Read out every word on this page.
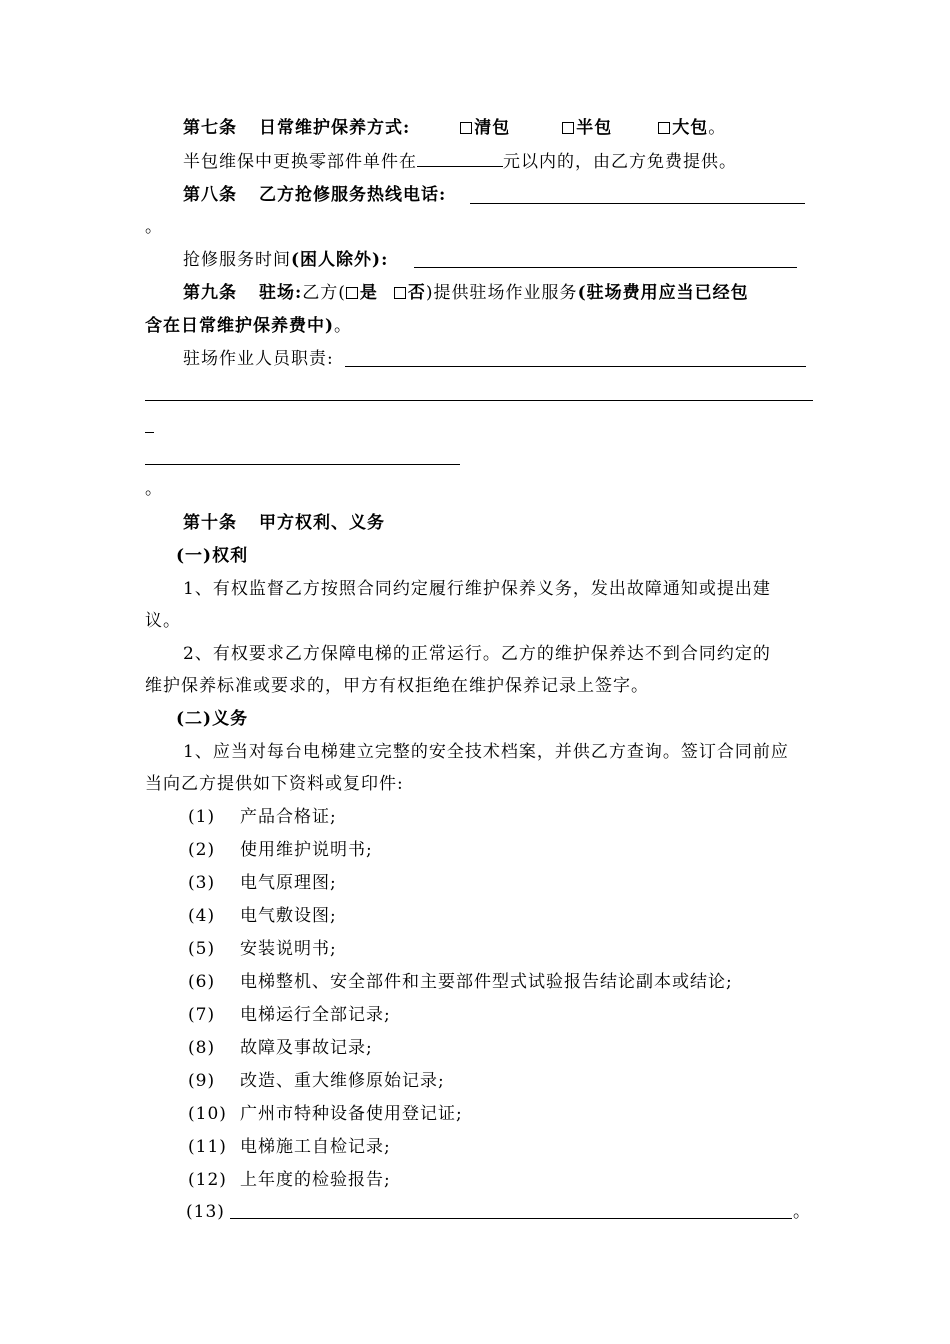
第七条 日常维护保养方式:	清包	半包	大包。
半包维保中更换零部件单件在	元以内的，由乙方免费提供。
第八条 乙方抢修服务热线电话:
。
抢修服务时间(困人除外):
第九条 驻场:乙方( 是 否)提供驻场作业服务(驻场费用应当已经包
含在日常维护保养费中)。
驻场作业人员职责:
。
第十条 甲方权利、义务
(一)权利
1、有权监督乙方按照合同约定履行维护保养义务，发出故障通知或提出建
议。
2、有权要求乙方保障电梯的正常运行。乙方的维护保养达不到合同约定的
维护保养标准或要求的，甲方有权拒绝在维护保养记录上签字。
(二)义务
1、应当对每台电梯建立完整的安全技术档案，并供乙方查询。签订合同前应
当向乙方提供如下资料或复印件:
(1) 产品合格证;
(2) 使用维护说明书;
(3) 电气原理图;
(4) 电气敷设图;
(5) 安装说明书;
(6) 电梯整机、安全部件和主要部件型式试验报告结论副本或结论;
(7) 电梯运行全部记录;
(8) 故障及事故记录;
(9) 改造、重大维修原始记录;
(10) 广州市特种设备使用登记证;
(11) 电梯施工自检记录;
(12) 上年度的检验报告;
(13)	。
